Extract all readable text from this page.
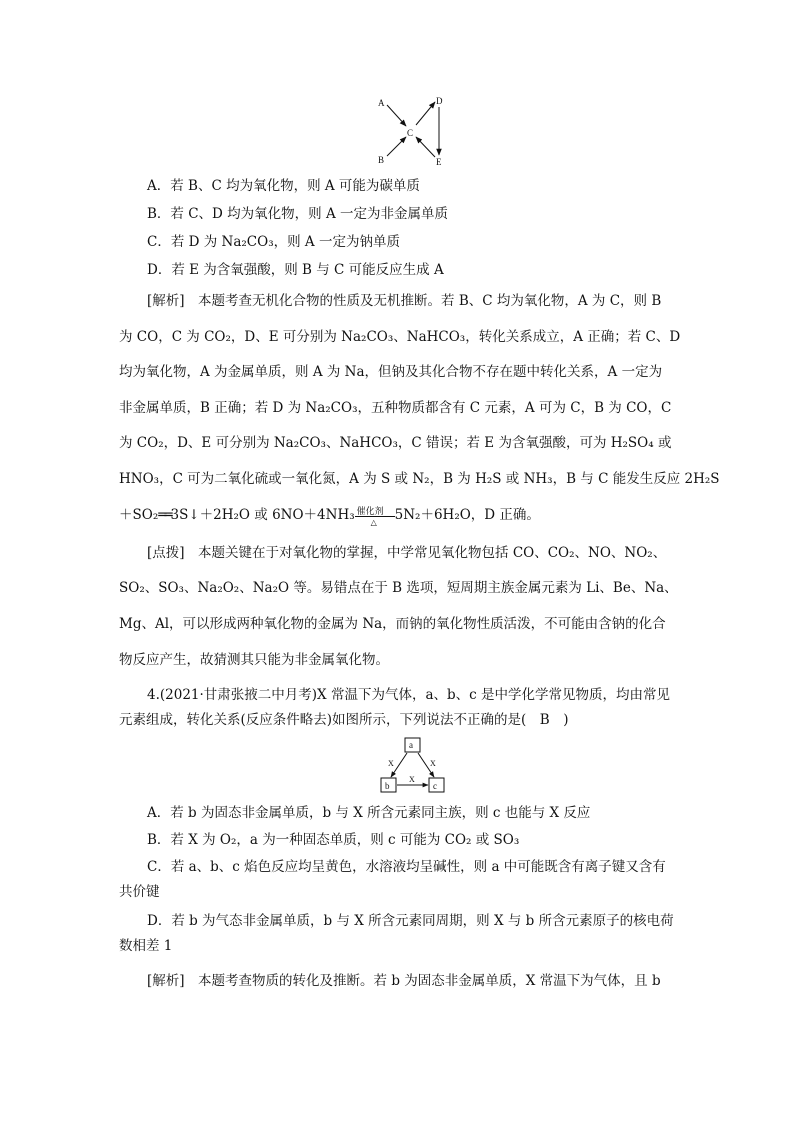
A
B
C
D
E
A．若 B、C 均为氧化物，则 A 可能为碳单质
B．若 C、D 均为氧化物，则 A 一定为非金属单质
C．若 D 为 Na₂CO₃，则 A 一定为钠单质
D．若 E 为含氧强酸，则 B 与 C 可能反应生成 A
[解析]　本题考查无机化合物的性质及无机推断。若 B、C 均为氧化物，A 为 C，则 B
为 CO，C 为 CO₂，D、E 可分别为 Na₂CO₃、NaHCO₃，转化关系成立，A 正确；若 C、D
均为氧化物，A 为金属单质，则 A 为 Na，但钠及其化合物不存在题中转化关系，A 一定为
非金属单质，B 正确；若 D 为 Na₂CO₃，五种物质都含有 C 元素，A 可为 C，B 为 CO，C
为 CO₂，D、E 可分别为 Na₂CO₃、NaHCO₃，C 错误；若 E 为含氧强酸，可为 H₂SO₄ 或
HNO₃，C 可为二氧化硫或一氧化氮，A 为 S 或 N₂，B 为 H₂S 或 NH₃，B 与 C 能发生反应 2H₂S
＋SO₂══3S↓＋2H₂O 或 6NO＋4NH₃ 催化剂
△ 5N₂＋6H₂O，D 正确。
[点拨]　本题关键在于对氧化物的掌握，中学常见氧化物包括 CO、CO₂、NO、NO₂、
SO₂、SO₃、Na₂O₂、Na₂O 等。易错点在于 B 选项，短周期主族金属元素为 Li、Be、Na、
Mg、Al，可以形成两种氧化物的金属为 Na，而钠的氧化物性质活泼，不可能由含钠的化合
物反应产生，故猜测其只能为非金属氧化物。
4.(2021·甘肃张掖二中月考)X 常温下为气体，a、b、c 是中学化学常见物质，均由常见
元素组成，转化关系(反应条件略去)如图所示，下列说法不正确的是(　B　)
a
b	c
X	X
X
A．若 b 为固态非金属单质，b 与 X 所含元素同主族，则 c 也能与 X 反应
B．若 X 为 O₂，a 为一种固态单质，则 c 可能为 CO₂ 或 SO₃
C．若 a、b、c 焰色反应均呈黄色，水溶液均呈碱性，则 a 中可能既含有离子键又含有
共价键
D．若 b 为气态非金属单质，b 与 X 所含元素同周期，则 X 与 b 所含元素原子的核电荷
数相差 1
[解析]　本题考查物质的转化及推断。若 b 为固态非金属单质，X 常温下为气体，且 b
